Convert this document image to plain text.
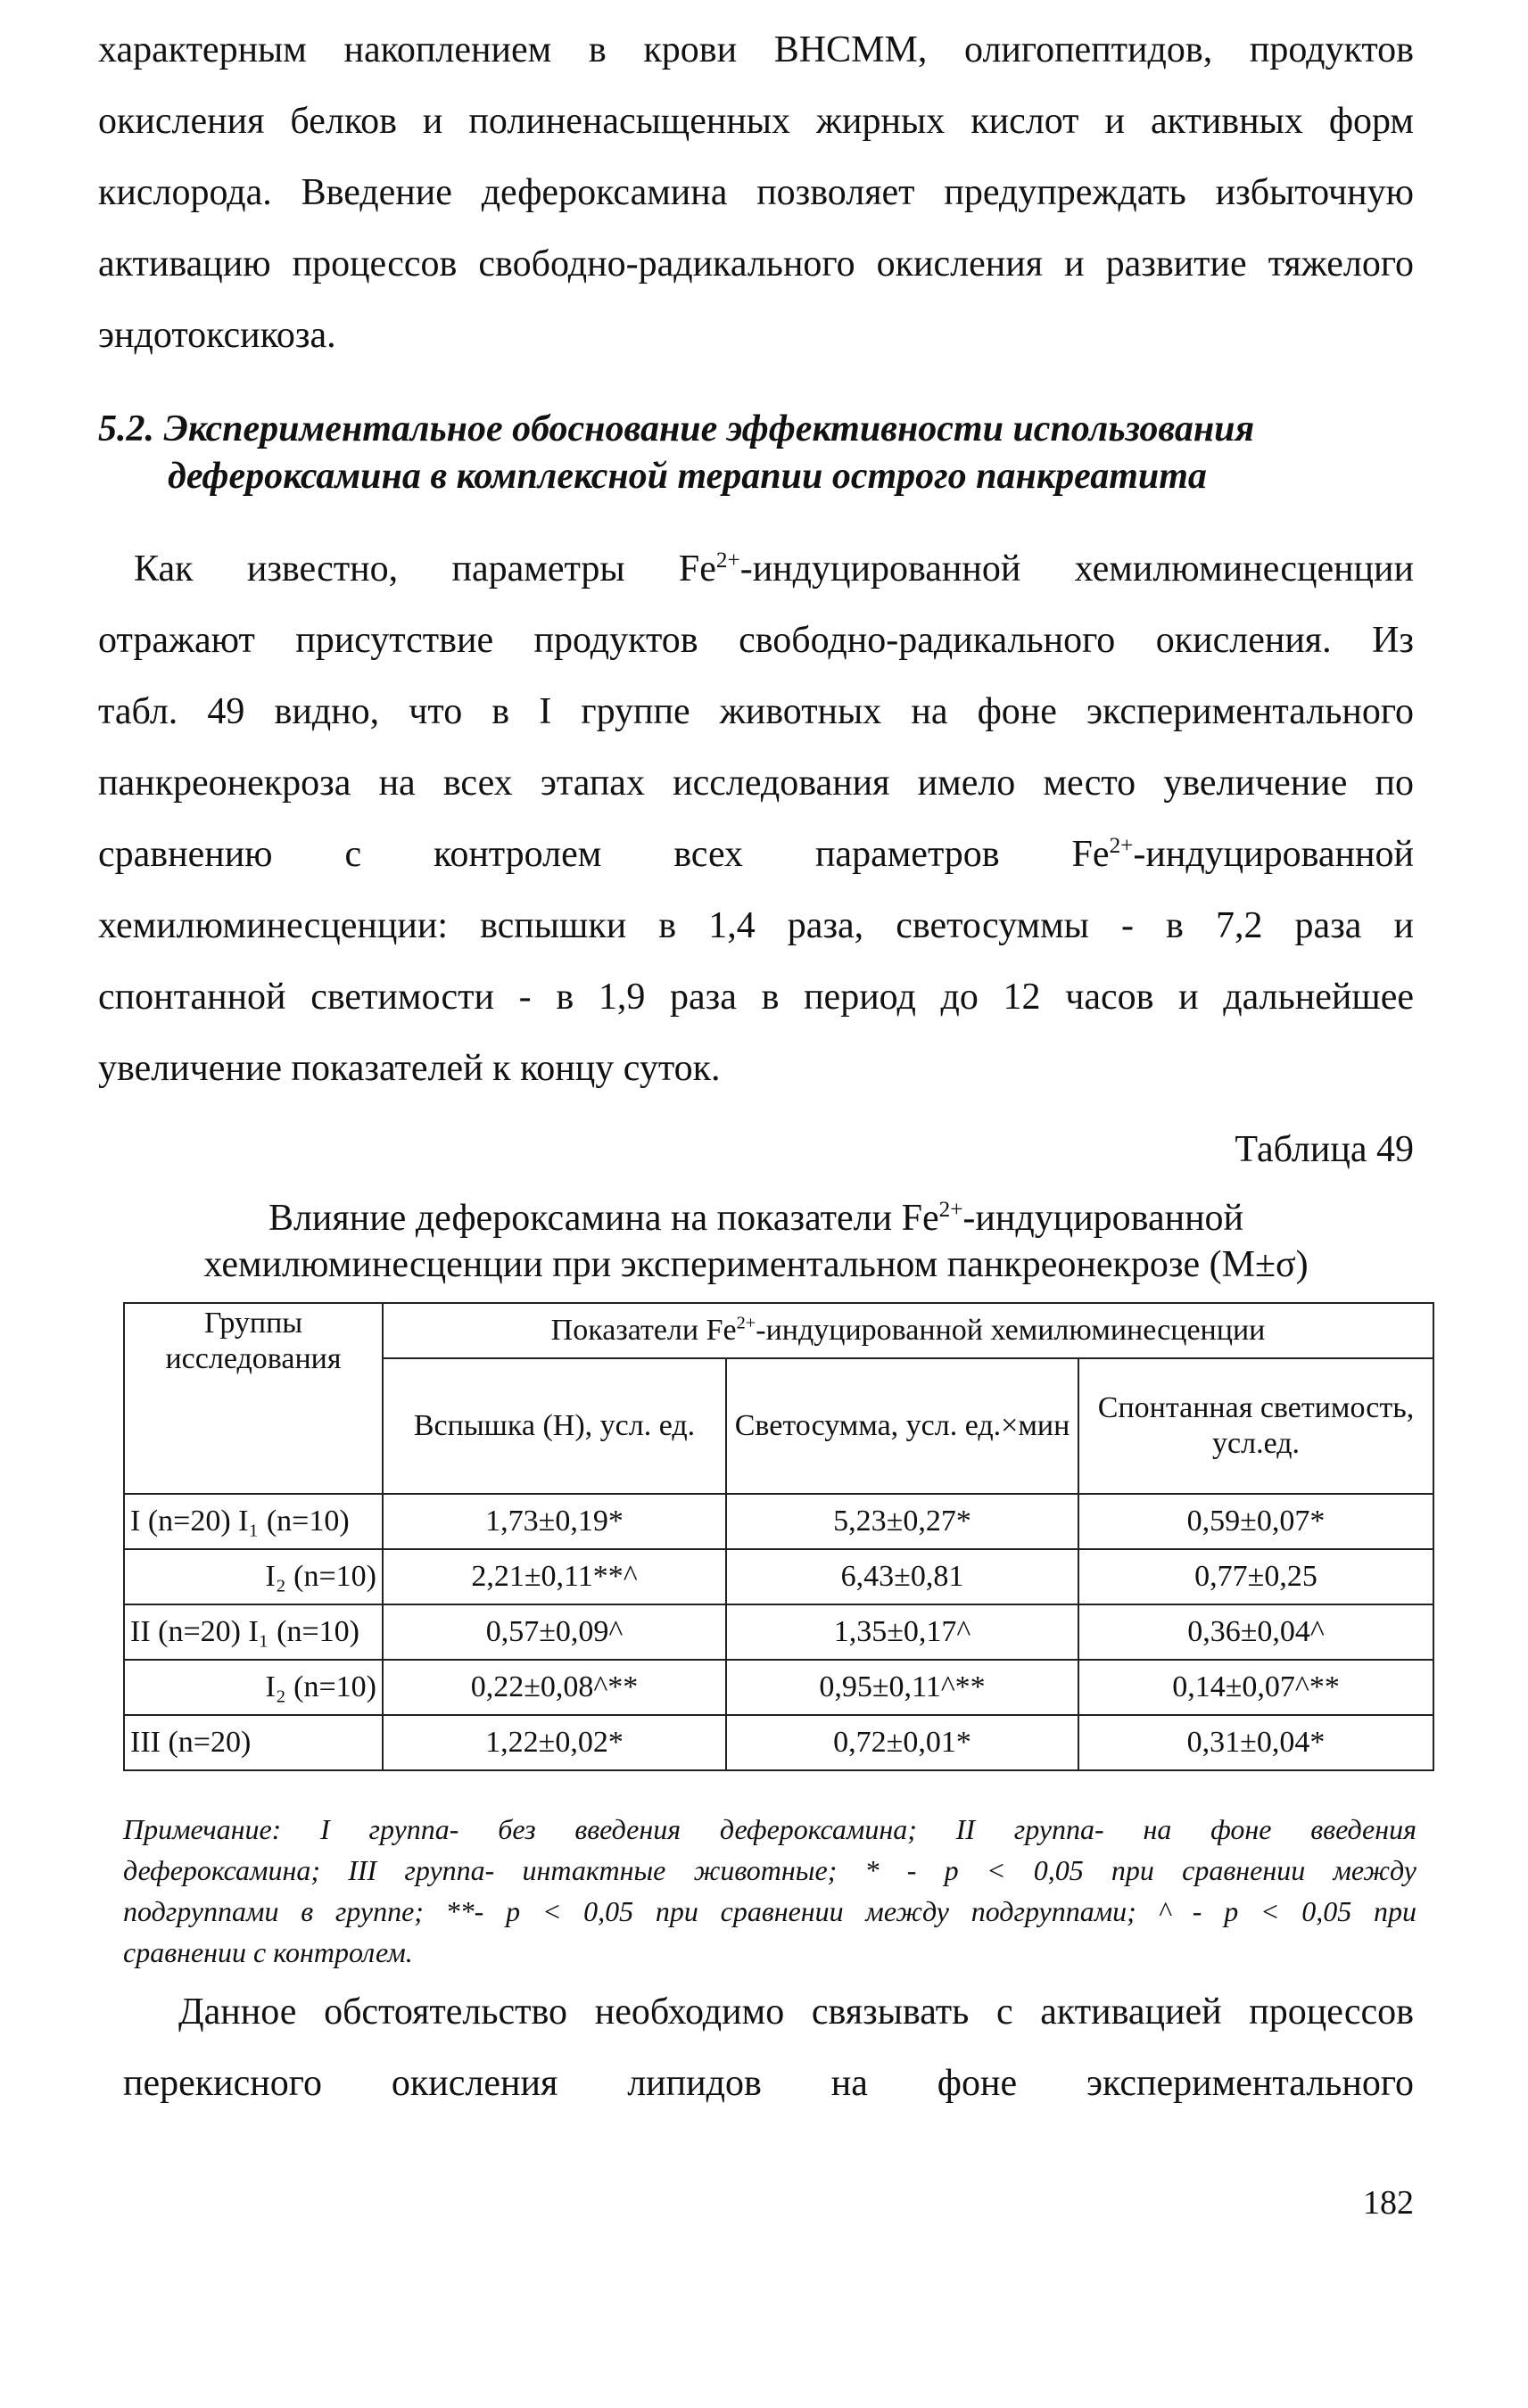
характерным накоплением в крови ВНСММ, олигопептидов, продуктов
окисления белков и полиненасыщенных жирных кислот и активных форм
кислорода. Введение дефероксамина позволяет предупреждать избыточную
активацию процессов свободно-радикального окисления и развитие тяжелого
эндотоксикоза.
5.2. Экспериментальное обоснование эффективности использования
дефероксамина в комплексной терапии острого панкреатита
Как известно, параметры $Fe^{2+}$-индуцированной хемилюминесценции
отражают присутствие продуктов свободно-радикального окисления. Из
табл. 49 видно, что в I группе животных на фоне экспериментального
панкреонекроза на всех этапах исследования имело место увеличение по
сравнению с контролем всех параметров $Fe^{2+}$-индуцированной
хемилюминесценции: вспышки в 1,4 раза, светосуммы - в 7,2 раза и
спонтанной светимости - в 1,9 раза в период до 12 часов и дальнейшее
увеличение показателей к концу суток.
Таблица 49
Влияние дефероксамина на показатели $Fe^{2+}$-индуцированной
хемилюминесценции при экспериментальном панкреонекрозе (M±σ)
Группы исследования	Показатели $Fe^{2+}$-индуцированной хемилюминесценции		
	Вспышка (H), усл. ед.	Светосумма, усл. ед.×мин	Спонтанная светимость, усл.ед.
I (n=20) I₁ (n=10)	1,73±0,19*	5,23±0,27*	0,59±0,07*
I₂ (n=10)	2,21±0,11**^	6,43±0,81	0,77±0,25
II (n=20) I₁ (n=10)	0,57±0,09^	1,35±0,17^	0,36±0,04^
I₂ (n=10)	0,22±0,08^**	0,95±0,11^**	0,14±0,07^**
III (n=20)	1,22±0,02*	0,72±0,01*	0,31±0,04*
Примечание: I группа- без введения дефероксамина; II группа- на фоне введения
дефероксамина; III группа- интактные животные; * - p < 0,05 при сравнении между
подгруппами в группе; **- p < 0,05 при сравнении между подгруппами; ^ - p < 0,05 при
сравнении с контролем.
Данное обстоятельство необходимо связывать с активацией процессов
перекисного окисления липидов на фоне экспериментального
182
